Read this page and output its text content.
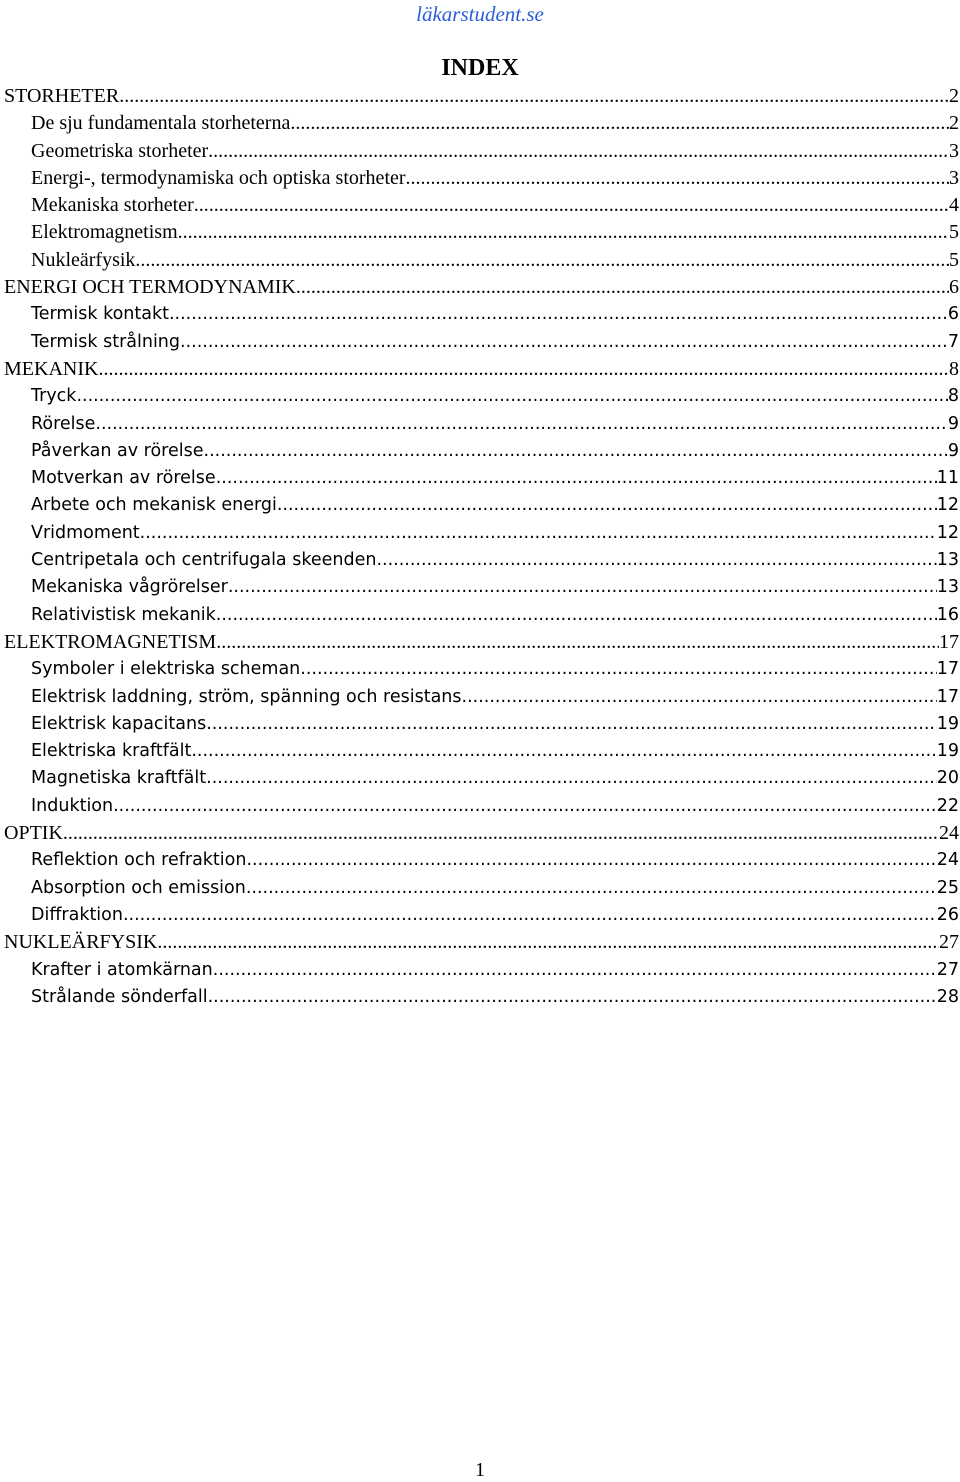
läkarstudent.se
INDEX
STORHETER .....	2
De sju fundamentala storheterna .....	2
Geometriska storheter .....	3
Energi-, termodynamiska och optiska storheter .....	3
Mekaniska storheter .....	4
Elektromagnetism .....	5
Nukleärfysik .....	5
ENERGI OCH TERMODYNAMIK .....	6
Termisk kontakt .....	6
Termisk strålning .....	7
MEKANIK .....	8
Tryck .....	8
Rörelse .....	9
Påverkan av rörelse .....	9
Motverkan av rörelse .....	11
Arbete och mekanisk energi .....	12
Vridmoment .....	12
Centripetala och centrifugala skeenden .....	13
Mekaniska vågrörelser .....	13
Relativistisk mekanik .....	16
ELEKTROMAGNETISM .....	17
Symboler i elektriska scheman .....	17
Elektrisk laddning, ström, spänning och resistans .....	17
Elektrisk kapacitans .....	19
Elektriska kraftfält .....	19
Magnetiska kraftfält .....	20
Induktion .....	22
OPTIK .....	24
Reflektion och refraktion .....	24
Absorption och emission .....	25
Diffraktion .....	26
NUKLEÄRFYSIK .....	27
Krafter i atomkärnan .....	27
Strålande sönderfall .....	28
1
